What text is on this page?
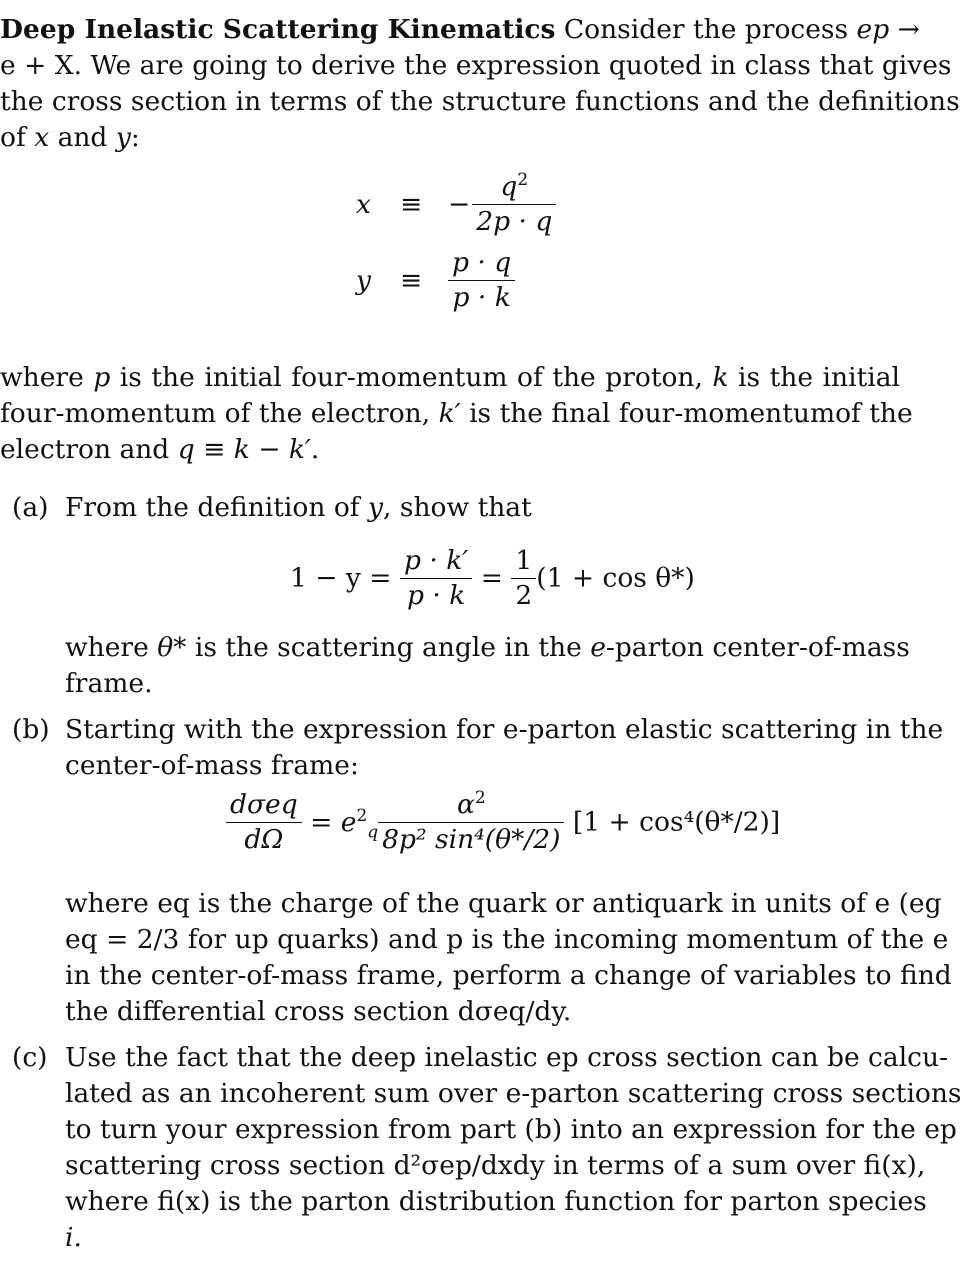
Deep Inelastic Scattering Kinematics Consider the process ep →
e + X. We are going to derive the expression quoted in class that gives
the cross section in terms of the structure functions and the definitions
of x and y:
x ≡ − $\frac{q^2}{2p \cdot q}$
$y \equiv \frac{p \cdot q}{p \cdot k}$
where p is the initial four-momentum of the proton, k is the initial
four-momentum of the electron, k′ is the final four-momentumof the
electron and q ≡ k − k′.
(a) From the definition of y, show that
$1 - y = \frac{p \cdot k'}{p \cdot k} = \frac{1}{2} (1 + \cos \theta*)$
where θ* is the scattering angle in the e-parton center-of-mass
frame.
(b) Starting with the expression for e-parton elastic scattering in the
center-of-mass frame:
$\frac{\text{dσeq}}{d\Omega} = e^2_q \frac{\alpha^2}{\text{8p² sin⁴(θ*/2)}} [1 + \cos^4(\theta*/2)]$
where eq is the charge of the quark or antiquark in units of e (eg
eq = 2/3 for up quarks) and p is the incoming momentum of the e
in the center-of-mass frame, perform a change of variables to find
the differential cross section dσeq/dy.
(c) Use the fact that the deep inelastic ep cross section can be calcu-
lated as an incoherent sum over e-parton scattering cross sections
to turn your expression from part (b) into an expression for the ep
scattering cross section d²σep/dxdy in terms of a sum over fi(x),
where fi(x) is the parton distribution function for parton species
i.
